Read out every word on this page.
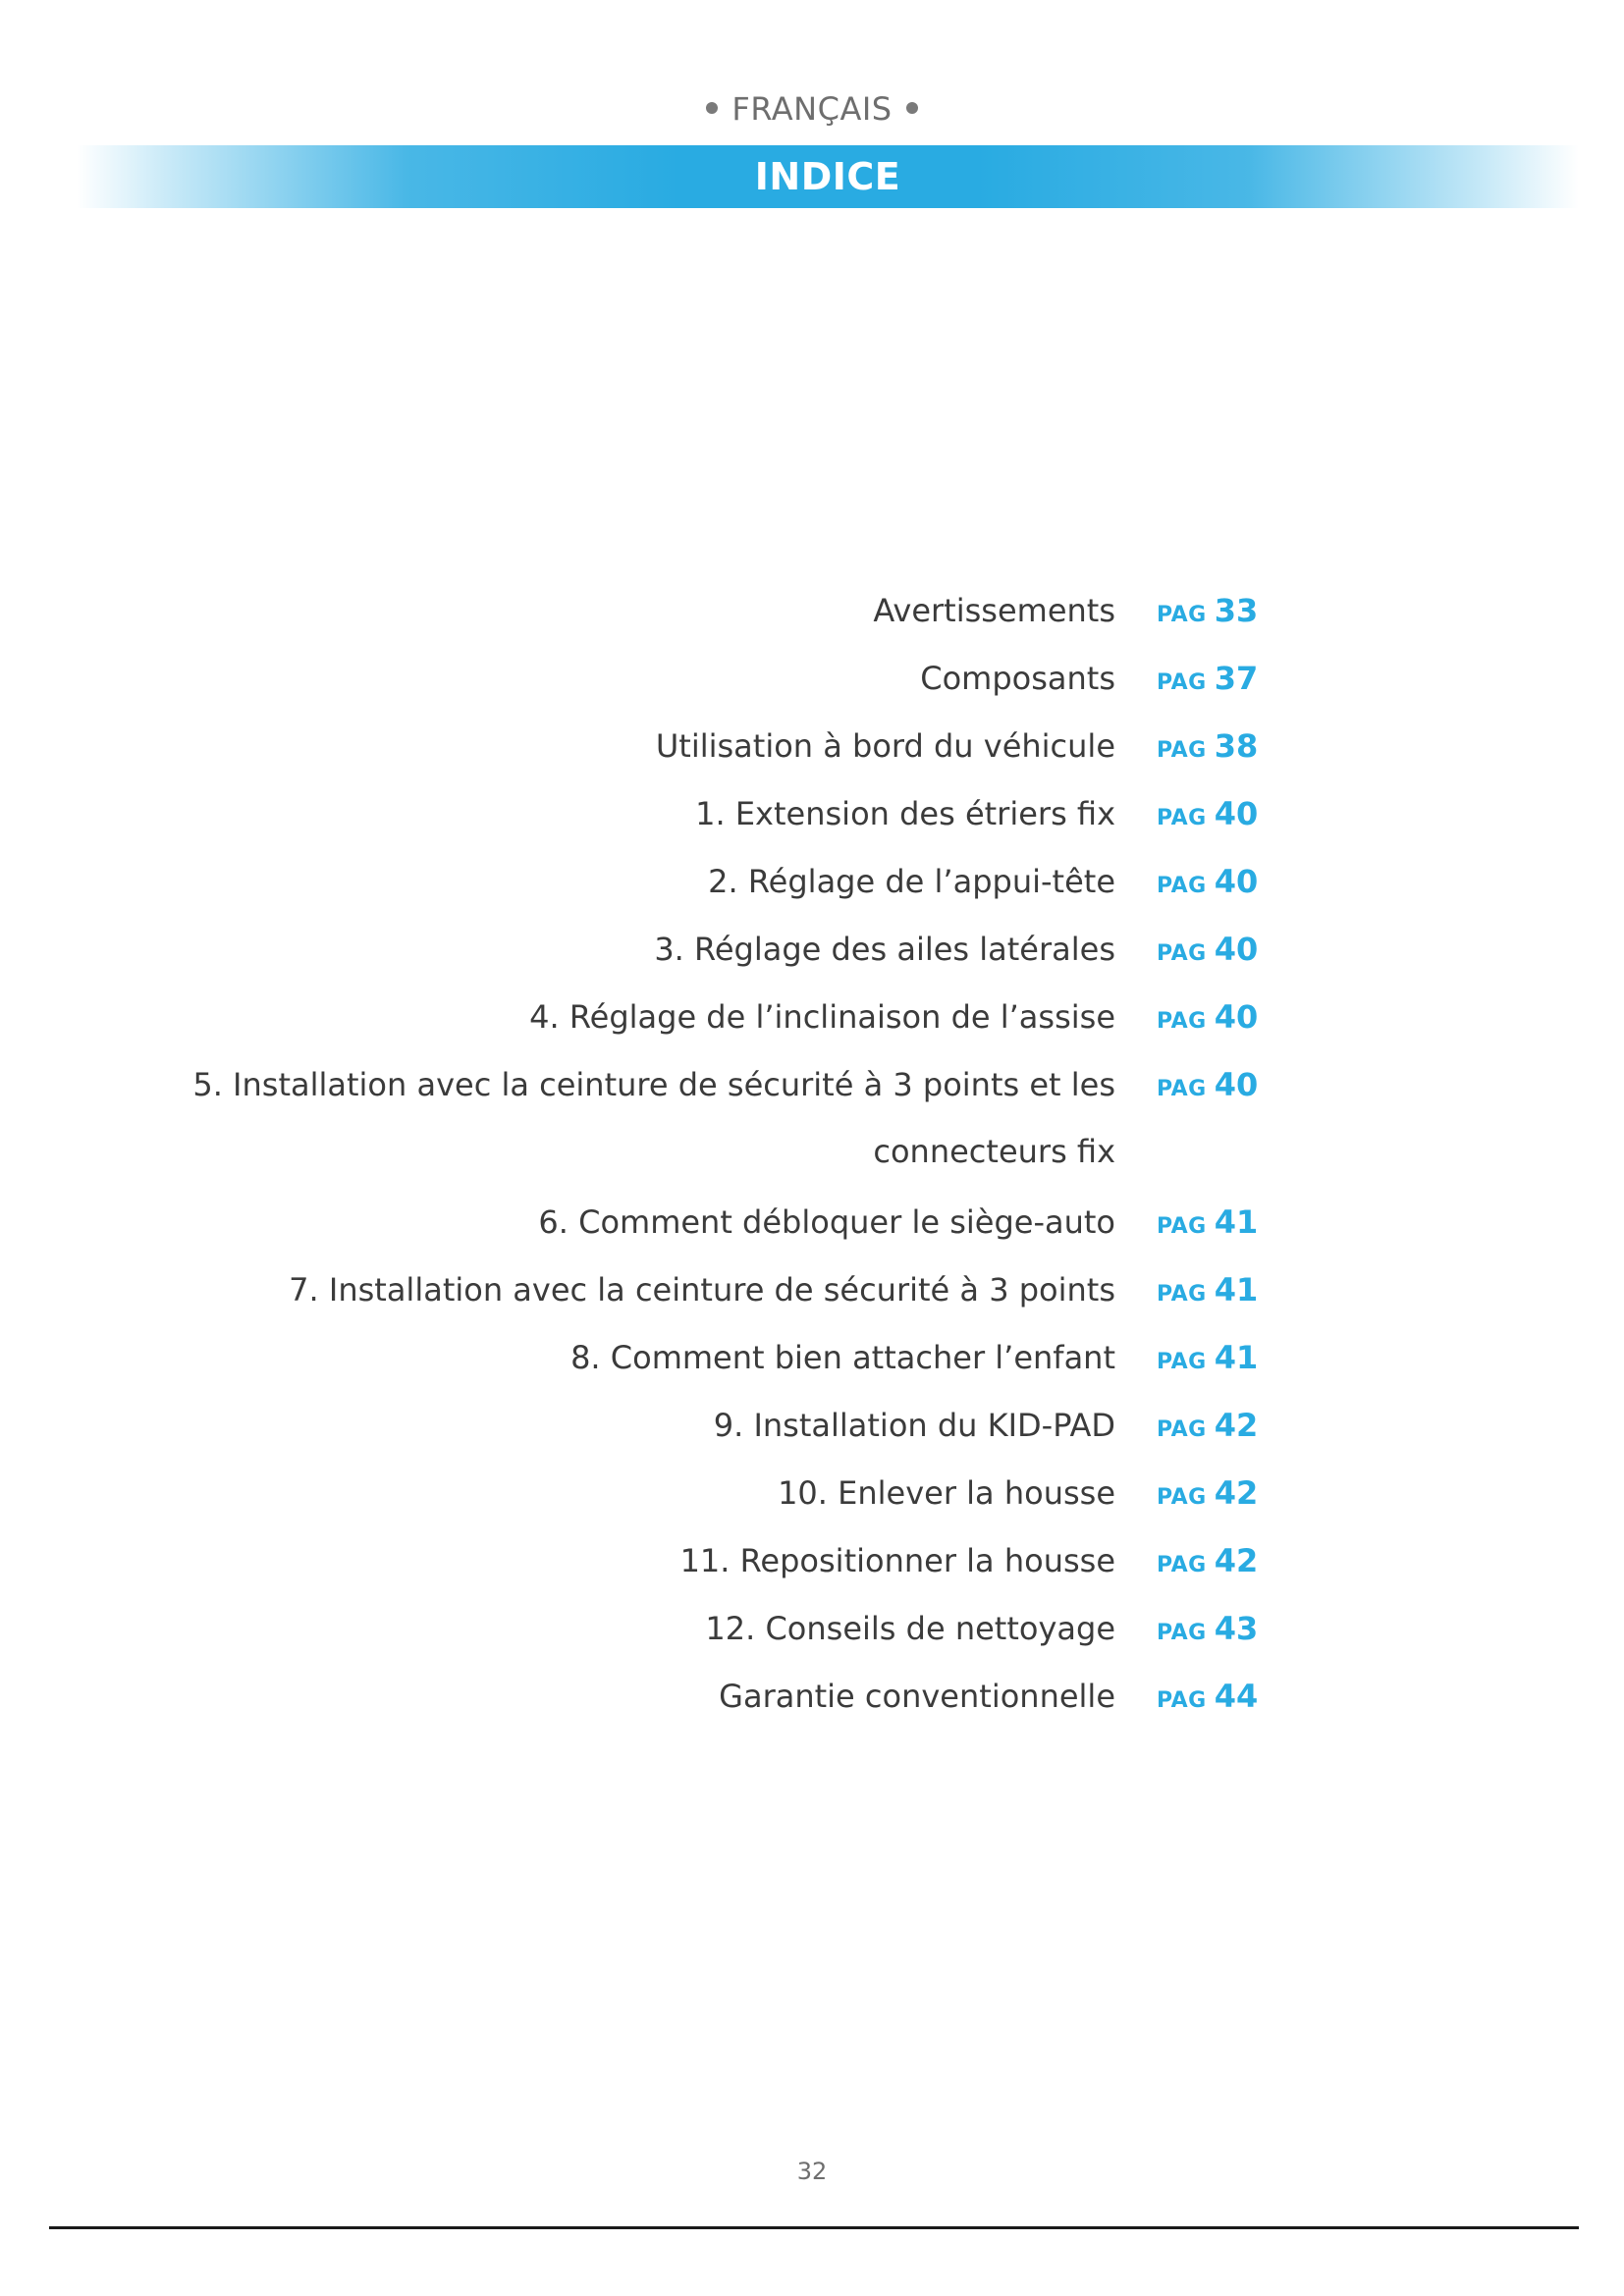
FRANÇAIS
INDICE
Avertissements PAG 33
Composants PAG 37
Utilisation à bord du véhicule PAG 38
1. Extension des étriers fix PAG 40
2. Réglage de l’appui-tête PAG 40
3. Réglage des ailes latérales PAG 40
4. Réglage de l’inclinaison de l’assise PAG 40
5. Installation avec la ceinture de sécurité à 3 points et les connecteurs fix
PAG 40
6. Comment débloquer le siège-auto PAG 41
7. Installation avec la ceinture de sécurité à 3 points PAG 41
8. Comment bien attacher l’enfant PAG 41
9. Installation du KID-PAD PAG 42
10. Enlever la housse PAG 42
11. Repositionner la housse PAG 42
12. Conseils de nettoyage PAG 43
Garantie conventionnelle PAG 44
32
